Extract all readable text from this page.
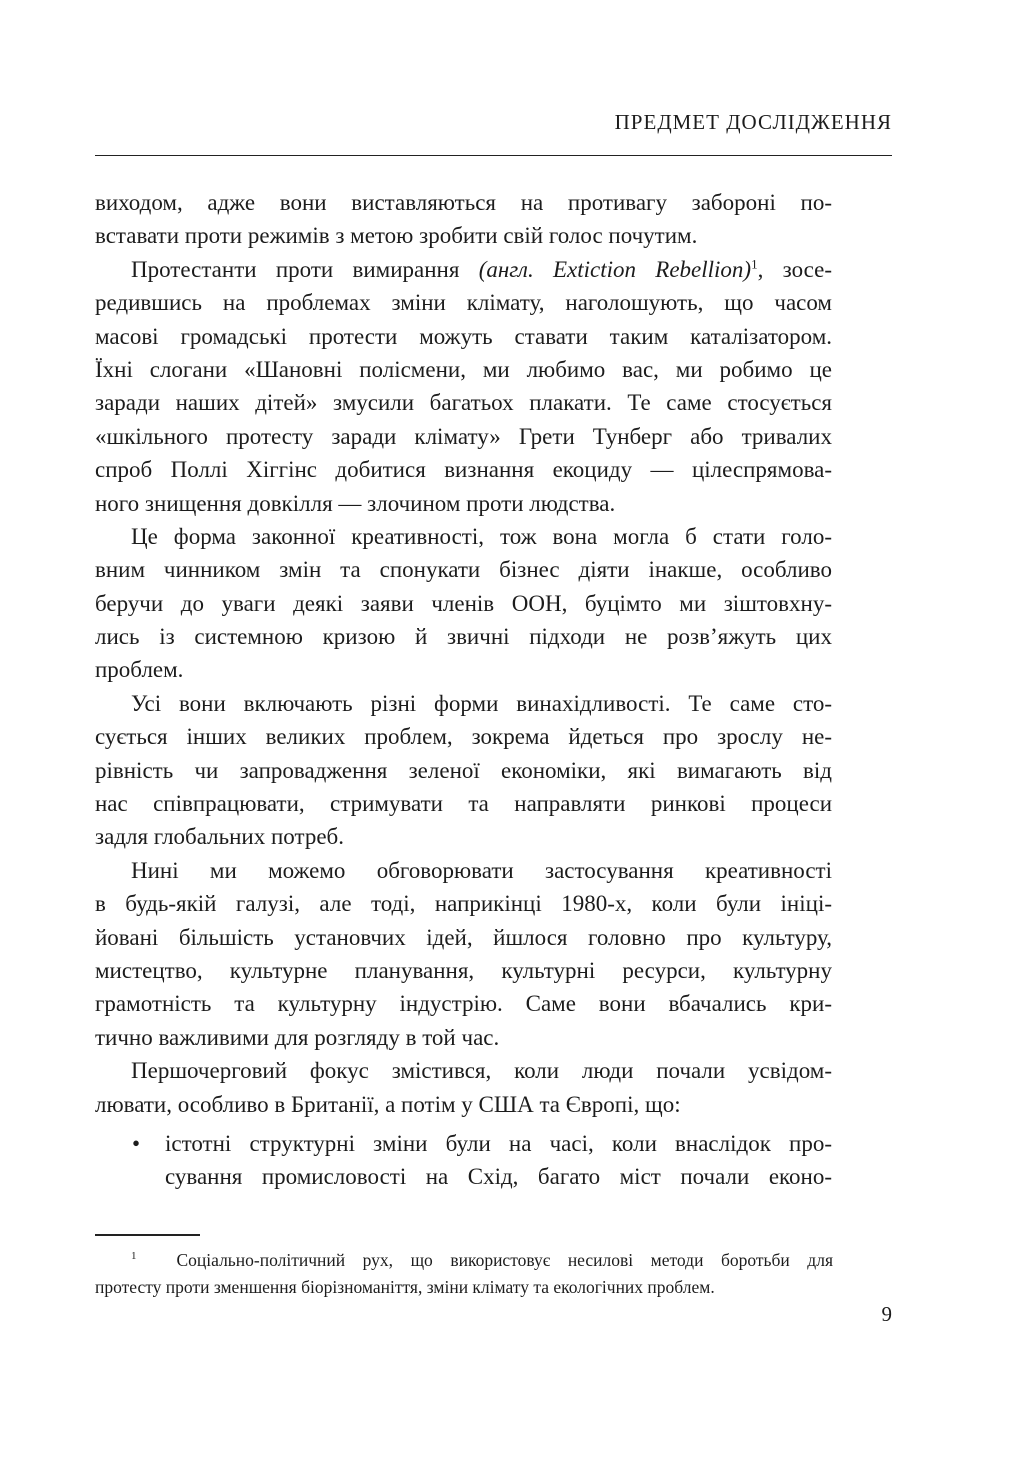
ПРЕДМЕТ ДОСЛІДЖЕННЯ
виходом, адже вони виставляються на противагу забороні по-
вставати проти режимів з метою зробити свій голос почутим.
Протестанти проти вимирання (англ. Extiction Rebellion)$^1$, зосе-
редившись на проблемах зміни клімату, наголошують, що часом
масові громадські протести можуть ставати таким каталізатором.
Їхні слогани «Шановні полісмени, ми любимо вас, ми робимо це
заради наших дітей» змусили багатьох плакати. Те саме стосується
«шкільного протесту заради клімату» Грети Тунберг або тривалих
спроб Поллі Хіггінс добитися визнання екоциду — цілеспрямова-
ного знищення довкілля — злочином проти людства.
Це форма законної креативності, тож вона могла б стати голо-
вним чинником змін та спонукати бізнес діяти інакше, особливо
беручи до уваги деякі заяви членів ООН, буцімто ми зіштовхну-
лись із системною кризою й звичні підходи не розв’яжуть цих
проблем.
Усі вони включають різні форми винахідливості. Те саме сто-
сується інших великих проблем, зокрема йдеться про зрослу не-
рівність чи запровадження зеленої економіки, які вимагають від
нас співпрацювати, стримувати та направляти ринкові процеси
задля глобальних потреб.
Нині ми можемо обговорювати застосування креативності
в будь-якій галузі, але тоді, наприкінці 1980-х, коли були ініці-
йовані більшість установчих ідей, йшлося головно про культуру,
мистецтво, культурне планування, культурні ресурси, культурну
грамотність та культурну індустрію. Саме вони вбачались кри-
тично важливими для розгляду в той час.
Першочерговий фокус змістився, коли люди почали усвідом-
лювати, особливо в Британії, а потім у США та Європі, що:
• істотні структурні зміни були на часі, коли внаслідок про-
сування промисловості на Схід, багато міст почали еконо-
$^1$ Соціально-політичний рух, що використовує несилові методи боротьби для
протесту проти зменшення біорізноманіття, зміни клімату та екологічних проблем.
9
